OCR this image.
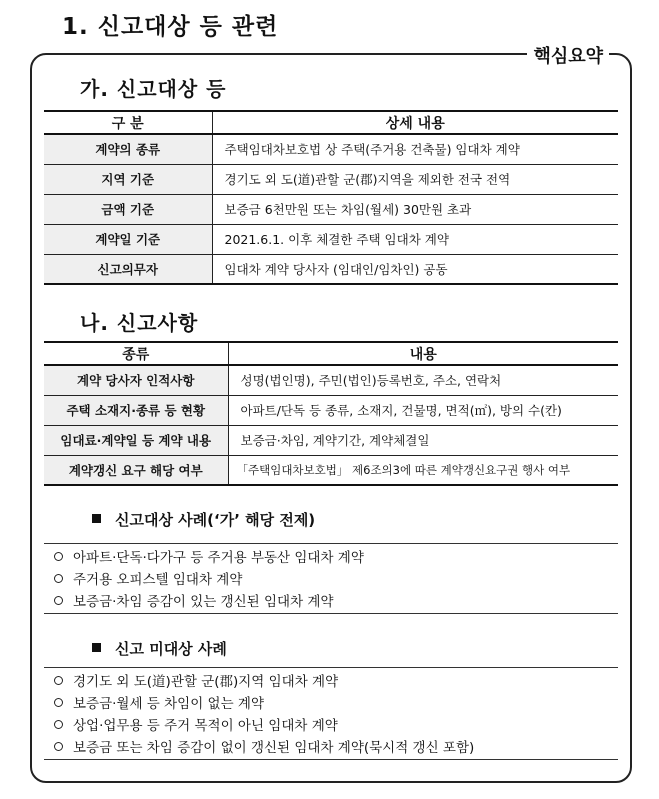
1. 신고대상 등 관련
핵심요약
가. 신고대상 등
구 분	상세 내용
계약의 종류	주택임대차보호법 상 주택(주거용 건축물) 임대차 계약
지역 기준	경기도 외 도(道)관할 군(郡)지역을 제외한 전국 전역
금액 기준	보증금 6천만원 또는 차임(월세) 30만원 초과
계약일 기준	2021.6.1. 이후 체결한 주택 임대차 계약
신고의무자	임대차 계약 당사자 (임대인/임차인) 공동
나. 신고사항
종류	내용
계약 당사자 인적사항	성명(법인명), 주민(법인)등록번호, 주소, 연락처
주택 소재지·종류 등 현황	아파트/단독 등 종류, 소재지, 건물명, 면적(㎡), 방의 수(칸)
임대료·계약일 등 계약 내용	보증금·차임, 계약기간, 계약체결일
계약갱신 요구 해당 여부	「주택임대차보호법」 제6조의3에 따른 계약갱신요구권 행사 여부
신고대상 사례(‘가’ 해당 전제)
아파트·단독·다가구 등 주거용 부동산 임대차 계약
주거용 오피스텔 임대차 계약
보증금·차임 증감이 있는 갱신된 임대차 계약
신고 미대상 사례
경기도 외 도(道)관할 군(郡)지역 임대차 계약
보증금·월세 등 차임이 없는 계약
상업·업무용 등 주거 목적이 아닌 임대차 계약
보증금 또는 차임 증감이 없이 갱신된 임대차 계약(묵시적 갱신 포함)
